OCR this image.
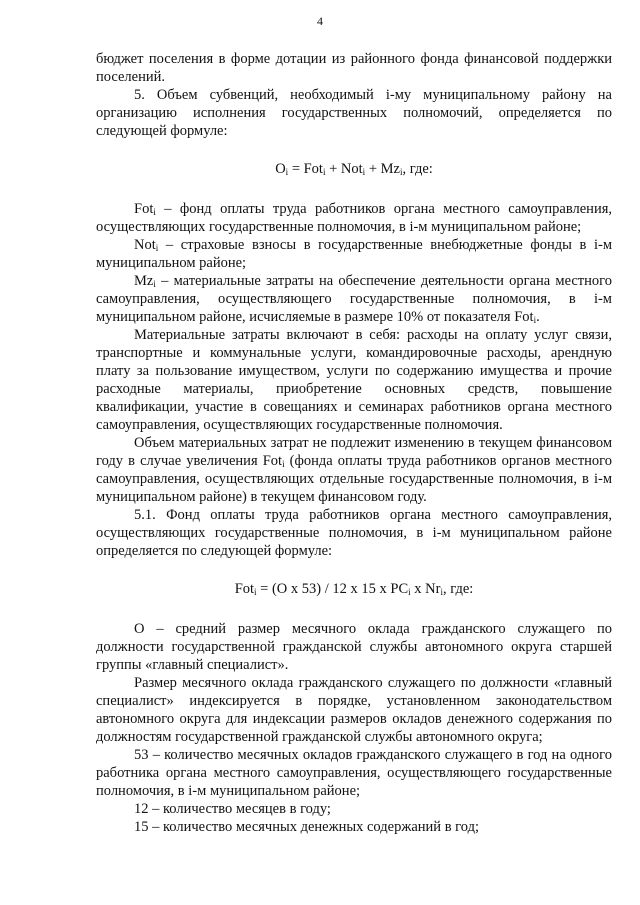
4

бюджет поселения в форме дотации из районного фонда финансовой поддержки поселений.

5. Объем субвенций, необходимый i-му муниципальному району на организацию исполнения государственных полномочий, определяется по следующей формуле:

$O_i = Fot_i + Not_i + Mz_i$, где:

Fot$_i$ – фонд оплаты труда работников органа местного самоуправления, осуществляющих государственные полномочия, в i-м муниципальном районе;

Not$_i$ – страховые взносы в государственные внебюджетные фонды в i-м муниципальном районе;

$Mz_i$ – материальные затраты на обеспечение деятельности органа местного самоуправления, осуществляющего государственные полномочия, в i-м муниципальном районе, исчисляемые в размере 10% от показателя Fot$_i$.

Материальные затраты включают в себя: расходы на оплату услуг связи, транспортные и коммунальные услуги, командировочные расходы, арендную плату за пользование имуществом, услуги по содержанию имущества и прочие расходные материалы, приобретение основных средств, повышение квалификации, участие в совещаниях и семинарах работников органа местного самоуправления, осуществляющих государственные полномочия.

Объем материальных затрат не подлежит изменению в текущем финансовом году в случае увеличения Fot$_i$ (фонда оплаты труда работников органов местного самоуправления, осуществляющих отдельные государственные полномочия, в i-м муниципальном районе) в текущем финансовом году.

5.1. Фонд оплаты труда работников органа местного самоуправления, осуществляющих государственные полномочия, в i-м муниципальном районе определяется по следующей формуле:

Fot$_i$ = (O x 53) / 12 x 15 x $PC_i$ x $Nr_i$, где:

O – средний размер месячного оклада гражданского служащего по должности государственной гражданской службы автономного округа старшей группы «главный специалист».

Размер месячного оклада гражданского служащего по должности «главный специалист» индексируется в порядке, установленном законодательством автономного округа для индексации размеров окладов денежного содержания по должностям государственной гражданской службы автономного округа;

53 – количество месячных окладов гражданского служащего в год на одного работника органа местного самоуправления, осуществляющего государственные полномочия, в i-м муниципальном районе;

12 – количество месяцев в году;

15 – количество месячных денежных содержаний в год;
